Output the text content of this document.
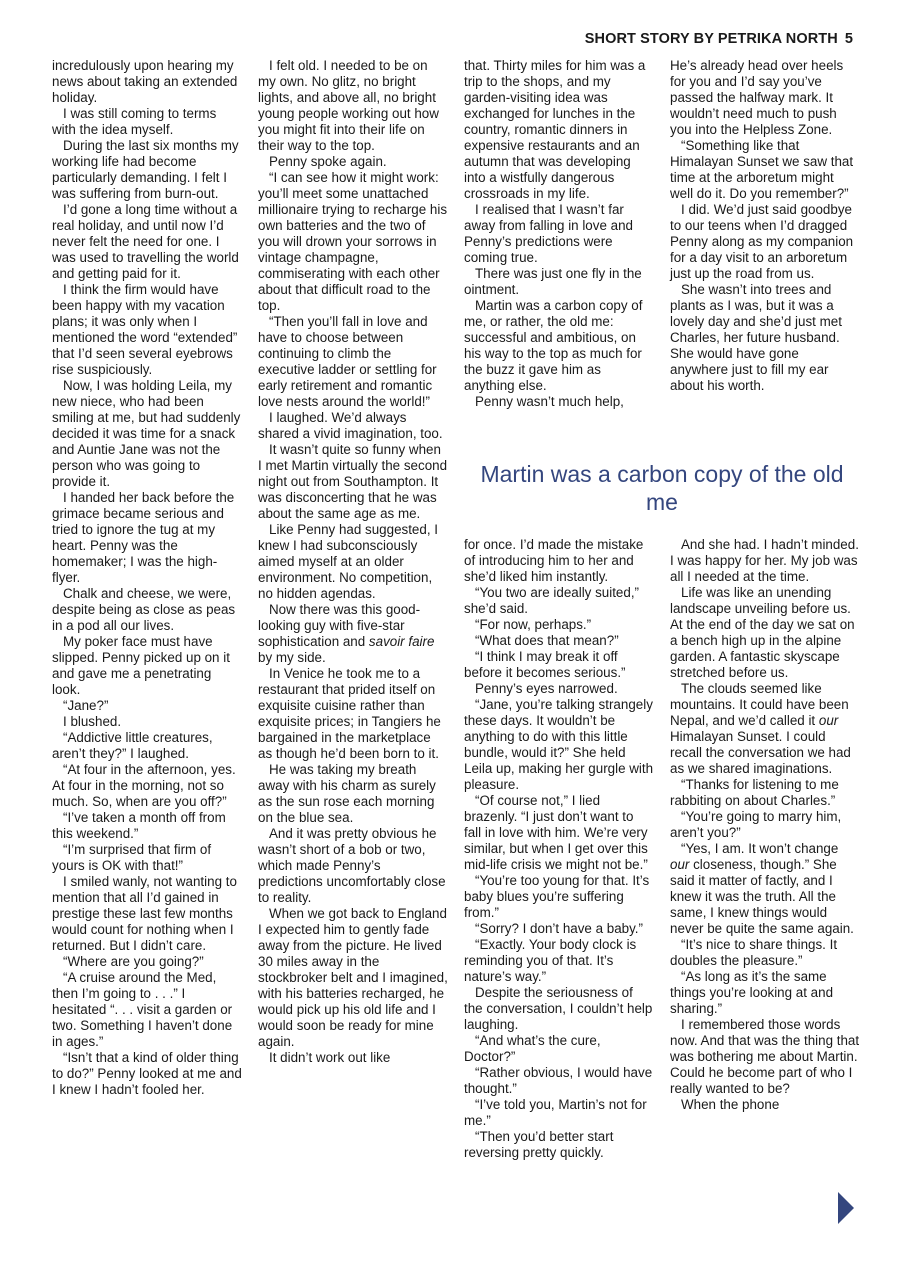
SHORT STORY BY PETRIKA NORTH 5

incredulously upon hearing my news about taking an extended holiday.

I was still coming to terms with the idea myself.

During the last six months my working life had become particularly demanding. I felt I was suffering from burn-out.

I’d gone a long time without a real holiday, and until now I’d never felt the need for one. I was used to travelling the world and getting paid for it.

I think the firm would have been happy with my vacation plans; it was only when I mentioned the word “extended” that I’d seen several eyebrows rise suspiciously.

Now, I was holding Leila, my new niece, who had been smiling at me, but had suddenly decided it was time for a snack and Auntie Jane was not the person who was going to provide it.

I handed her back before the grimace became serious and tried to ignore the tug at my heart. Penny was the homemaker; I was the high-flyer.

Chalk and cheese, we were, despite being as close as peas in a pod all our lives.

My poker face must have slipped. Penny picked up on it and gave me a penetrating look.

“Jane?”

I blushed.

“Addictive little creatures, aren’t they?” I laughed.

“At four in the afternoon, yes. At four in the morning, not so much. So, when are you off?”

“I’ve taken a month off from this weekend.”

“I’m surprised that firm of yours is OK with that!”

I smiled wanly, not wanting to mention that all I’d gained in prestige these last few months would count for nothing when I returned. But I didn’t care.

“Where are you going?”

“A cruise around the Med, then I’m going to . . .” I hesitated “. . . visit a garden or two. Something I haven’t done in ages.”

“Isn’t that a kind of older thing to do?” Penny looked at me and I knew I hadn’t fooled her.

I felt old. I needed to be on my own. No glitz, no bright lights, and above all, no bright young people working out how you might fit into their life on their way to the top.

Penny spoke again.

“I can see how it might work: you’ll meet some unattached millionaire trying to recharge his own batteries and the two of you will drown your sorrows in vintage champagne, commiserating with each other about that difficult road to the top.

“Then you’ll fall in love and have to choose between continuing to climb the executive ladder or settling for early retirement and romantic love nests around the world!”

I laughed. We’d always shared a vivid imagination, too.

It wasn’t quite so funny when I met Martin virtually the second night out from Southampton. It was disconcerting that he was about the same age as me.

Like Penny had suggested, I knew I had subconsciously aimed myself at an older environment. No competition, no hidden agendas.

Now there was this good-looking guy with five-star sophistication and savoir faire by my side.

In Venice he took me to a restaurant that prided itself on exquisite cuisine rather than exquisite prices; in Tangiers he bargained in the marketplace as though he’d been born to it.

He was taking my breath away with his charm as surely as the sun rose each morning on the blue sea.

And it was pretty obvious he wasn’t short of a bob or two, which made Penny’s predictions uncomfortably close to reality.

When we got back to England I expected him to gently fade away from the picture. He lived 30 miles away in the stockbroker belt and I imagined, with his batteries recharged, he would pick up his old life and I would soon be ready for mine again.

It didn’t work out like

that. Thirty miles for him was a trip to the shops, and my garden-visiting idea was exchanged for lunches in the country, romantic dinners in expensive restaurants and an autumn that was developing into a wistfully dangerous crossroads in my life.

I realised that I wasn’t far away from falling in love and Penny’s predictions were coming true.

There was just one fly in the ointment.

Martin was a carbon copy of me, or rather, the old me: successful and ambitious, on his way to the top as much for the buzz it gave him as anything else.

Penny wasn’t much help,

He’s already head over heels for you and I’d say you’ve passed the halfway mark. It wouldn’t need much to push you into the Helpless Zone.

“Something like that Himalayan Sunset we saw that time at the arboretum might well do it. Do you remember?”

I did. We’d just said goodbye to our teens when I’d dragged Penny along as my companion for a day visit to an arboretum just up the road from us.

She wasn’t into trees and plants as I was, but it was a lovely day and she’d just met Charles, her future husband. She would have gone anywhere just to fill my ear about his worth.

Martin was a carbon copy of the old me

for once. I’d made the mistake of introducing him to her and she’d liked him instantly.

“You two are ideally suited,” she’d said.

“For now, perhaps.”

“What does that mean?”

“I think I may break it off before it becomes serious.”

Penny’s eyes narrowed.

“Jane, you’re talking strangely these days. It wouldn’t be anything to do with this little bundle, would it?” She held Leila up, making her gurgle with pleasure.

“Of course not,” I lied brazenly. “I just don’t want to fall in love with him. We’re very similar, but when I get over this mid-life crisis we might not be.”

“You’re too young for that. It’s baby blues you’re suffering from.”

“Sorry? I don’t have a baby.”

“Exactly. Your body clock is reminding you of that. It’s nature’s way.”

Despite the seriousness of the conversation, I couldn’t help laughing.

“And what’s the cure, Doctor?”

“Rather obvious, I would have thought.”

“I’ve told you, Martin’s not for me.”

“Then you’d better start reversing pretty quickly.

And she had. I hadn’t minded. I was happy for her. My job was all I needed at the time.

Life was like an unending landscape unveiling before us. At the end of the day we sat on a bench high up in the alpine garden. A fantastic skyscape stretched before us.

The clouds seemed like mountains. It could have been Nepal, and we’d called it our Himalayan Sunset. I could recall the conversation we had as we shared imaginations.

“Thanks for listening to me rabbiting on about Charles.”

“You’re going to marry him, aren’t you?”

“Yes, I am. It won’t change our closeness, though.” She said it matter of factly, and I knew it was the truth. All the same, I knew things would never be quite the same again.

“It’s nice to share things. It doubles the pleasure.”

“As long as it’s the same things you’re looking at and sharing.”

I remembered those words now. And that was the thing that was bothering me about Martin. Could he become part of who I really wanted to be?

When the phone
